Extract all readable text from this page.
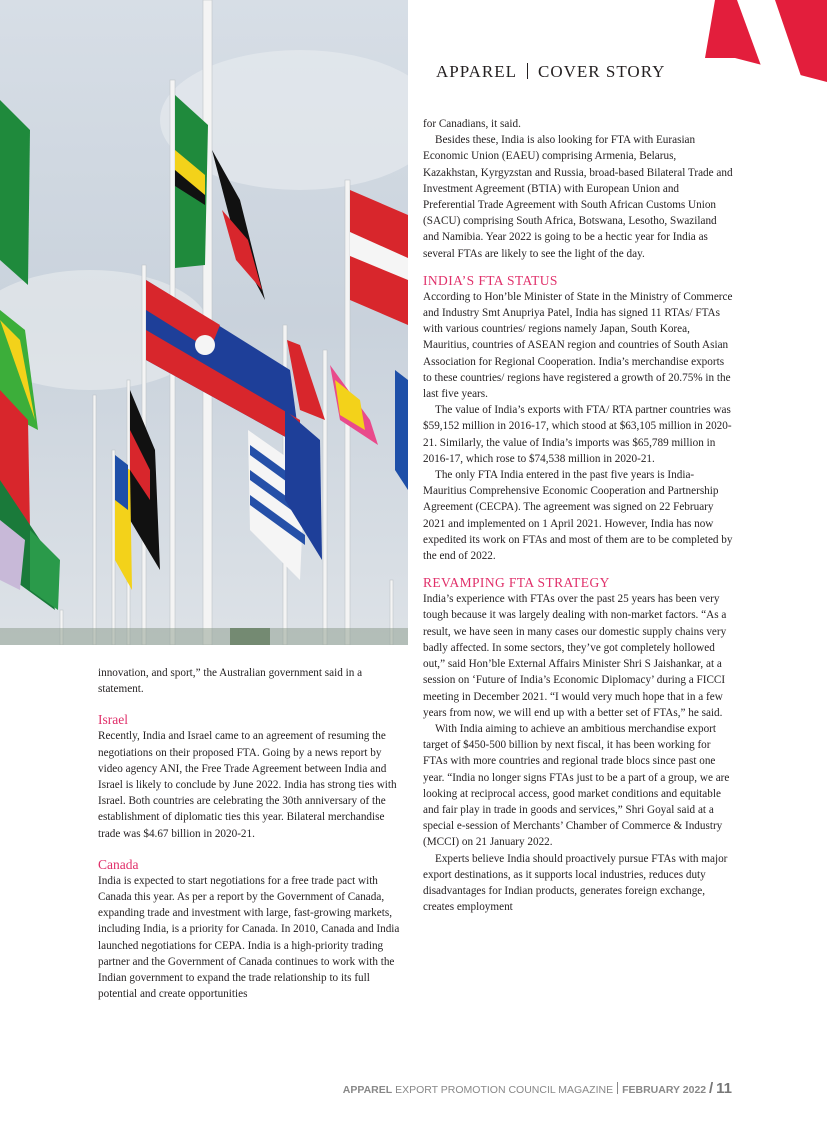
APPAREL COVER STORY

innovation, and sport,” the Australian government said in a statement.

Israel

Recently, India and Israel came to an agreement of resuming the negotiations on their proposed FTA. Going by a news report by video agency ANI, the Free Trade Agreement between India and Israel is likely to conclude by June 2022. India has strong ties with Israel. Both countries are celebrating the 30th anniversary of the establishment of diplomatic ties this year. Bilateral merchandise trade was $4.67 billion in 2020-21.

Canada

India is expected to start negotiations for a free trade pact with Canada this year. As per a report by the Government of Canada, expanding trade and investment with large, fast-growing markets, including India, is a priority for Canada. In 2010, Canada and India launched negotiations for CEPA. India is a high-priority trading partner and the Government of Canada continues to work with the Indian government to expand the trade relationship to its full potential and create opportunities

for Canadians, it said.

Besides these, India is also looking for FTA with Eurasian Economic Union (EAEU) comprising Armenia, Belarus, Kazakhstan, Kyrgyzstan and Russia, broad-based Bilateral Trade and Investment Agreement (BTIA) with European Union and Preferential Trade Agreement with South African Customs Union (SACU) comprising South Africa, Botswana, Lesotho, Swaziland and Namibia. Year 2022 is going to be a hectic year for India as several FTAs are likely to see the light of the day.

INDIA’S FTA STATUS

According to Hon’ble Minister of State in the Ministry of Commerce and Industry Smt Anupriya Patel, India has signed 11 RTAs/ FTAs with various countries/ regions namely Japan, South Korea, Mauritius, countries of ASEAN region and countries of South Asian Association for Regional Cooperation. India’s merchandise exports to these countries/ regions have registered a growth of 20.75% in the last five years.

The value of India’s exports with FTA/ RTA partner countries was $59,152 million in 2016-17, which stood at $63,105 million in 2020-21. Similarly, the value of India’s imports was $65,789 million in 2016-17, which rose to $74,538 million in 2020-21.

The only FTA India entered in the past five years is India-Mauritius Comprehensive Economic Cooperation and Partnership Agreement (CECPA). The agreement was signed on 22 February 2021 and implemented on 1 April 2021. However, India has now expedited its work on FTAs and most of them are to be completed by the end of 2022.

REVAMPING FTA STRATEGY

India’s experience with FTAs over the past 25 years has been very tough because it was largely dealing with non-market factors. “As a result, we have seen in many cases our domestic supply chains very badly affected. In some sectors, they’ve got completely hollowed out,” said Hon’ble External Affairs Minister Shri S Jaishankar, at a session on ‘Future of India’s Economic Diplomacy’ during a FICCI meeting in December 2021. “I would very much hope that in a few years from now, we will end up with a better set of FTAs,” he said.

With India aiming to achieve an ambitious merchandise export target of $450-500 billion by next fiscal, it has been working for FTAs with more countries and regional trade blocs since past one year. “India no longer signs FTAs just to be a part of a group, we are looking at reciprocal access, good market conditions and equitable and fair play in trade in goods and services,” Shri Goyal said at a special e-session of Merchants’ Chamber of Commerce & Industry (MCCI) on 21 January 2022.

Experts believe India should proactively pursue FTAs with major export destinations, as it supports local industries, reduces duty disadvantages for Indian products, generates foreign exchange, creates employment

APPAREL EXPORT PROMOTION COUNCIL MAGAZINE FEBRUARY 2022 / 11
